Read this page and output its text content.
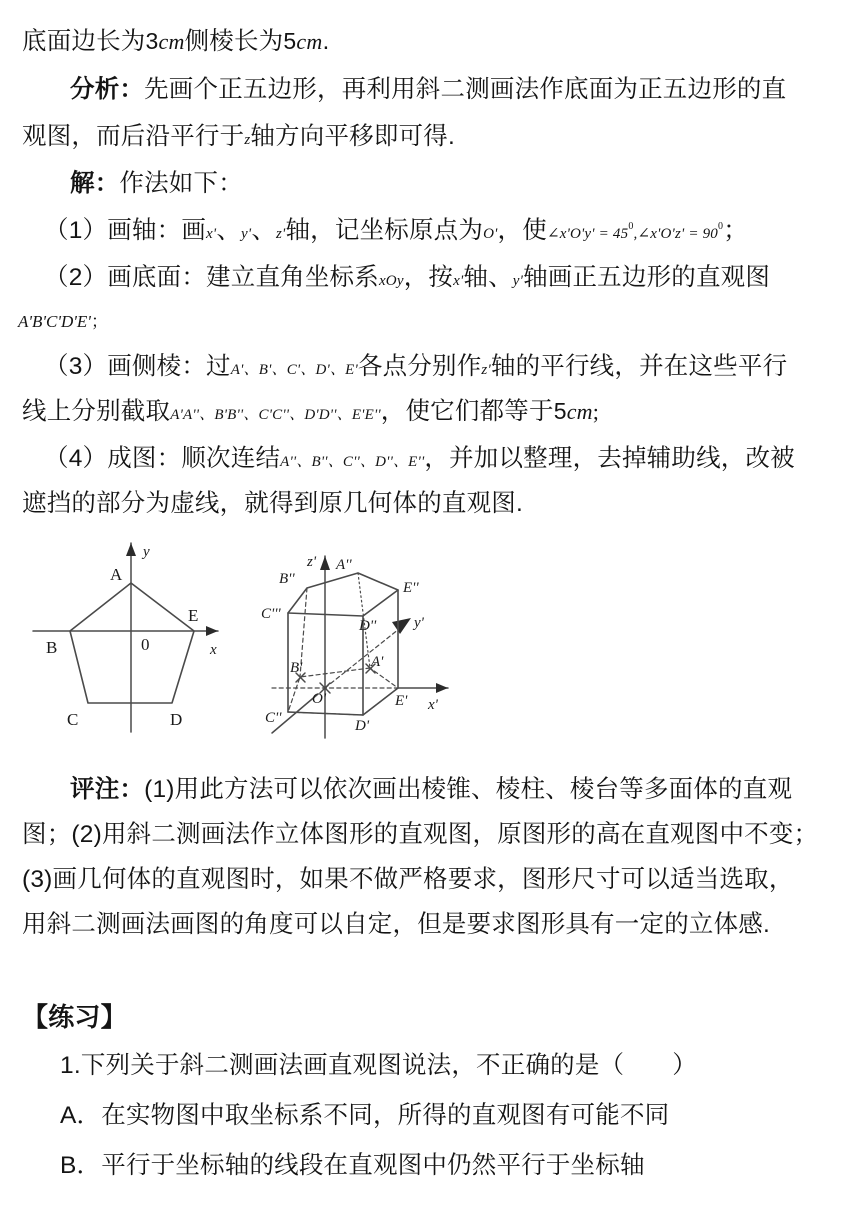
底面边长为3cm侧棱长为5cm.
分析：先画个正五边形，再利用斜二测画法作底面为正五边形的直
观图，而后沿平行于z轴方向平移即可得.
解：作法如下：
（1）画轴：画x'、y'、z'轴，记坐标原点为O'，使∠x'O'y' = $45^0,\angle x'O'z' = 90^0$；
（2）画底面：建立直角坐标系xOy，按x'轴、y'轴画正五边形的直观图
A'B'C'D'E'；
（3）画侧棱：过A'、B'、C'、D'、E'各点分别作z'轴的平行线，并在这些平行
线上分别截取A'A''、B'B''、C'C''、D'D''、E'E''，使它们都等于5cm;
（4）成图：顺次连结A''、B''、C''、D''、E''，并加以整理，去掉辅助线，改被
遮挡的部分为虚线，就得到原几何体的直观图.
A
B
C	D
E
0
y
x
A''
B''
C'''
D''
E''
A'
B'
C''	D'
E'
O'
z'
y'
x'
评注：(1)用此方法可以依次画出棱锥、棱柱、棱台等多面体的直观
图；(2)用斜二测画法作立体图形的直观图，原图形的高在直观图中不变；
(3)画几何体的直观图时，如果不做严格要求，图形尺寸可以适当选取，
用斜二测画法画图的角度可以自定，但是要求图形具有一定的立体感.
【练习】
1.下列关于斜二测画法画直观图说法，不正确的是（ ）
A．在实物图中取坐标系不同，所得的直观图有可能不同
B．平行于坐标轴的线段在直观图中仍然平行于坐标轴
